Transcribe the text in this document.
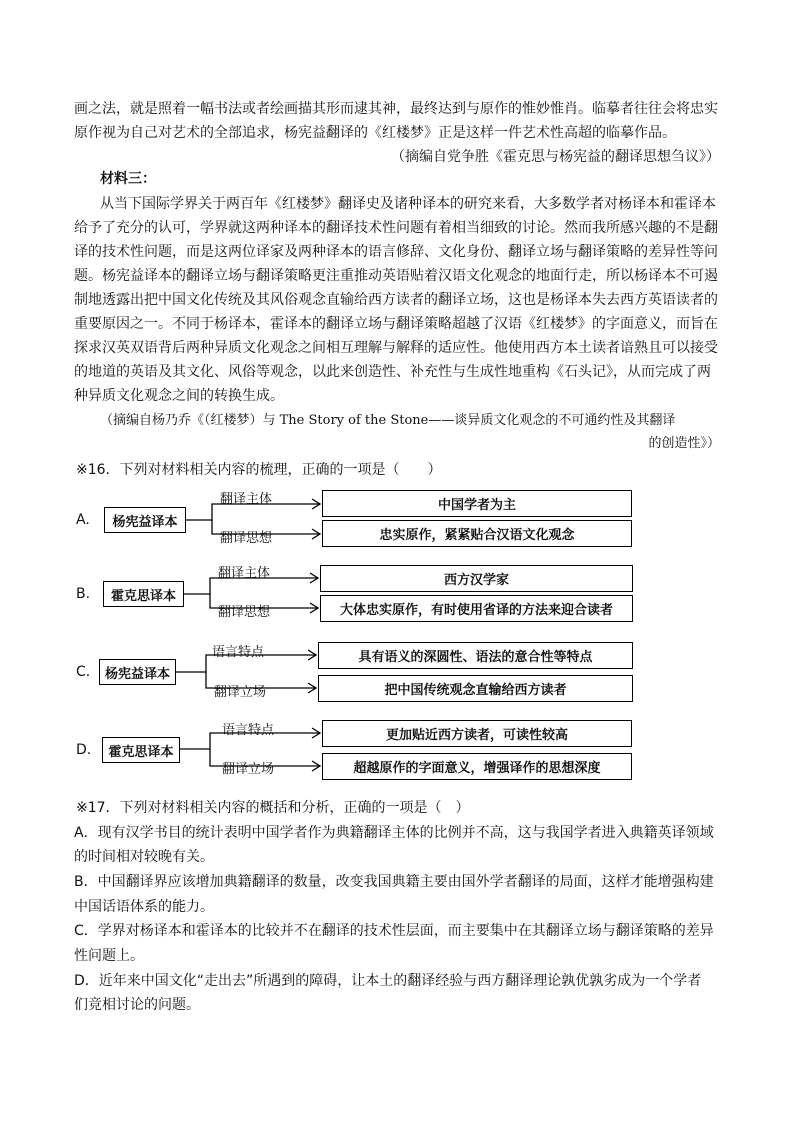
画之法，就是照着一幅书法或者绘画描其形而逮其神，最终达到与原作的惟妙惟肖。临摹者往往会将忠实
原作视为自己对艺术的全部追求，杨宪益翻译的《红楼梦》正是这样一件艺术性高超的临摹作品。
（摘编自党争胜《霍克思与杨宪益的翻译思想刍议》）
材料三：
从当下国际学界关于两百年《红楼梦》翻译史及诸种译本的研究来看，大多数学者对杨译本和霍译本
给予了充分的认可，学界就这两种译本的翻译技术性问题有着相当细致的讨论。然而我所感兴趣的不是翻
译的技术性问题，而是这两位译家及两种译本的语言修辞、文化身份、翻译立场与翻译策略的差异性等问
题。杨宪益译本的翻译立场与翻译策略更注重推动英语贴着汉语文化观念的地面行走，所以杨译本不可遏
制地透露出把中国文化传统及其风俗观念直输给西方读者的翻译立场，这也是杨译本失去西方英语读者的
重要原因之一。不同于杨译本，霍译本的翻译立场与翻译策略超越了汉语《红楼梦》的字面意义，而旨在
探求汉英双语背后两种异质文化观念之间相互理解与解释的适应性。他使用西方本土读者谙熟且可以接受
的地道的英语及其文化、风俗等观念，以此来创造性、补充性与生成性地重构《石头记》，从而完成了两
种异质文化观念之间的转换生成。
（摘编自杨乃乔《（红楼梦）与 The Story of the Stone——谈异质文化观念的不可通约性及其翻译
的创造性》）
※16．下列对材料相关内容的梳理，正确的一项是（　　）
A.	杨宪益译本
翻译主体	中国学者为主
翻译思想	忠实原作，紧紧贴合汉语文化观念
B.	霍克思译本
翻译主体	西方汉学家
翻译思想	大体忠实原作，有时使用省译的方法来迎合读者
C.	杨宪益译本
语言特点	具有语义的深圆性、语法的意合性等特点
翻译立场	把中国传统观念直输给西方读者
D.	霍克思译本
语言特点	更加贴近西方读者，可读性较高
翻译立场	超越原作的字面意义，增强译作的思想深度
※17．下列对材料相关内容的概括和分析，正确的一项是（　）
A．现有汉学书目的统计表明中国学者作为典籍翻译主体的比例并不高，这与我国学者进入典籍英译领域
的时间相对较晚有关。
B．中国翻译界应该增加典籍翻译的数量，改变我国典籍主要由国外学者翻译的局面，这样才能增强构建
中国话语体系的能力。
C．学界对杨译本和霍译本的比较并不在翻译的技术性层面，而主要集中在其翻译立场与翻译策略的差异
性问题上。
D．近年来中国文化“走出去”所遇到的障碍，让本土的翻译经验与西方翻译理论孰优孰劣成为一个学者
们竞相讨论的问题。
